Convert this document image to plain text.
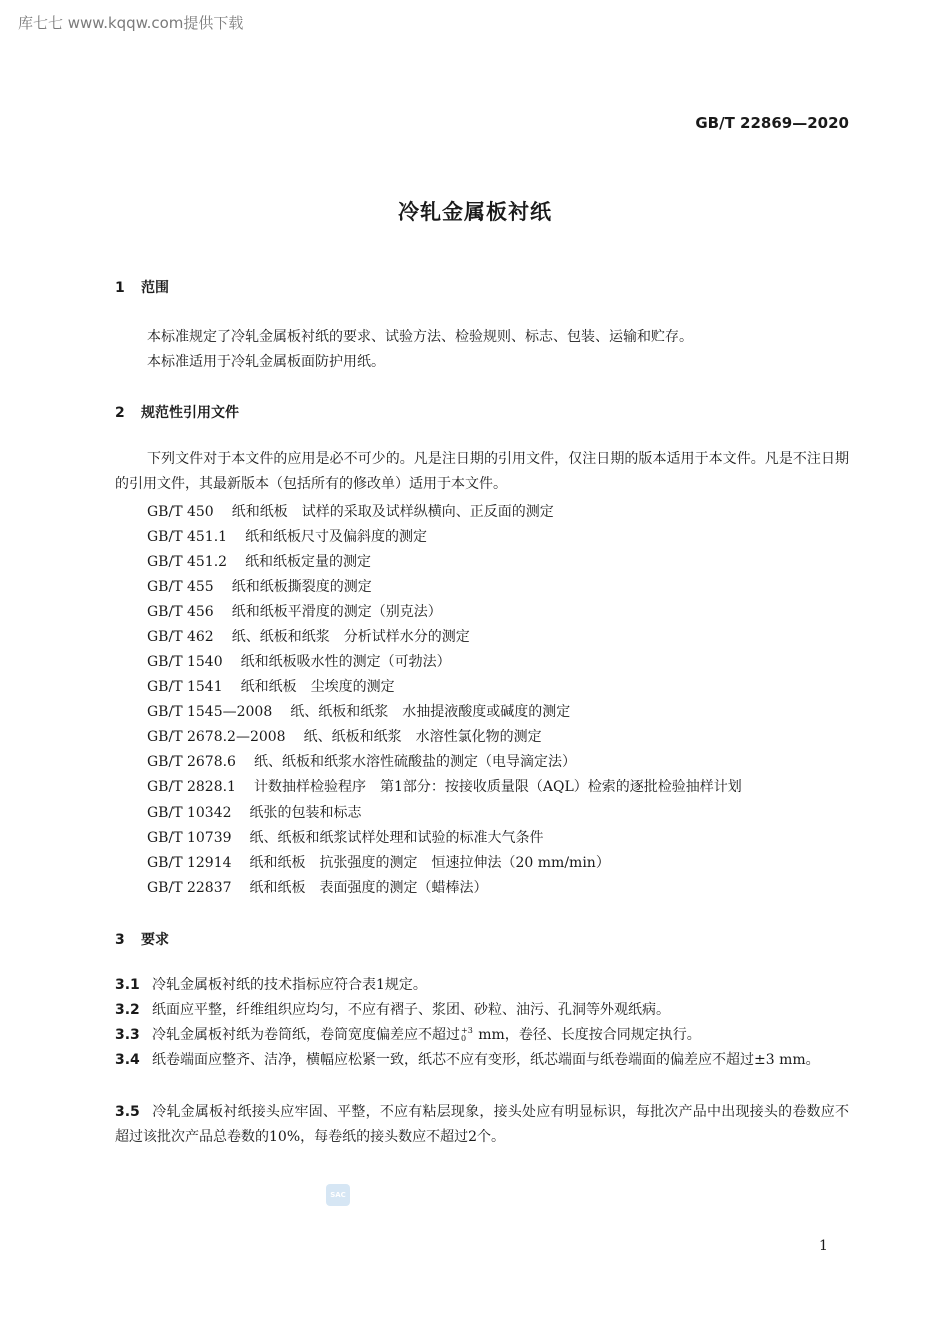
库七七 www.kqqw.com提供下载
GB/T 22869—2020
冷轧金属板衬纸
1 范围
本标准规定了冷轧金属板衬纸的要求、试验方法、检验规则、标志、包装、运输和贮存。
本标准适用于冷轧金属板面防护用纸。
2 规范性引用文件
下列文件对于本文件的应用是必不可少的。凡是注日期的引用文件，仅注日期的版本适用于本文件。凡是不注日期的引用文件，其最新版本（包括所有的修改单）适用于本文件。
GB/T 450 纸和纸板　试样的采取及试样纵横向、正反面的测定
GB/T 451.1 纸和纸板尺寸及偏斜度的测定
GB/T 451.2 纸和纸板定量的测定
GB/T 455 纸和纸板撕裂度的测定
GB/T 456 纸和纸板平滑度的测定（别克法）
GB/T 462 纸、纸板和纸浆　分析试样水分的测定
GB/T 1540 纸和纸板吸水性的测定（可勃法）
GB/T 1541 纸和纸板　尘埃度的测定
GB/T 1545—2008 纸、纸板和纸浆　水抽提液酸度或碱度的测定
GB/T 2678.2—2008 纸、纸板和纸浆　水溶性氯化物的测定
GB/T 2678.6 纸、纸板和纸浆水溶性硫酸盐的测定（电导滴定法）
GB/T 2828.1 计数抽样检验程序　第1部分：按接收质量限（AQL）检索的逐批检验抽样计划
GB/T 10342 纸张的包装和标志
GB/T 10739 纸、纸板和纸浆试样处理和试验的标准大气条件
GB/T 12914 纸和纸板　抗张强度的测定　恒速拉伸法（20 mm/min）
GB/T 22837 纸和纸板　表面强度的测定（蜡棒法）
3 要求
3.1 冷轧金属板衬纸的技术指标应符合表1规定。
3.2 纸面应平整，纤维组织应均匀，不应有褶子、浆团、砂粒、油污、孔洞等外观纸病。
3.3 冷轧金属板衬纸为卷筒纸，卷筒宽度偏差应不超过 +3
0 mm，卷径、长度按合同规定执行。
3.4 纸卷端面应整齐、洁净，横幅应松紧一致，纸芯不应有变形，纸芯端面与纸卷端面的偏差应不超过±3 mm。
3.5 冷轧金属板衬纸接头应牢固、平整，不应有粘层现象，接头处应有明显标识，每批次产品中出现接头的卷数应不超过该批次产品总卷数的10%，每卷纸的接头数应不超过2个。
SAC
1
